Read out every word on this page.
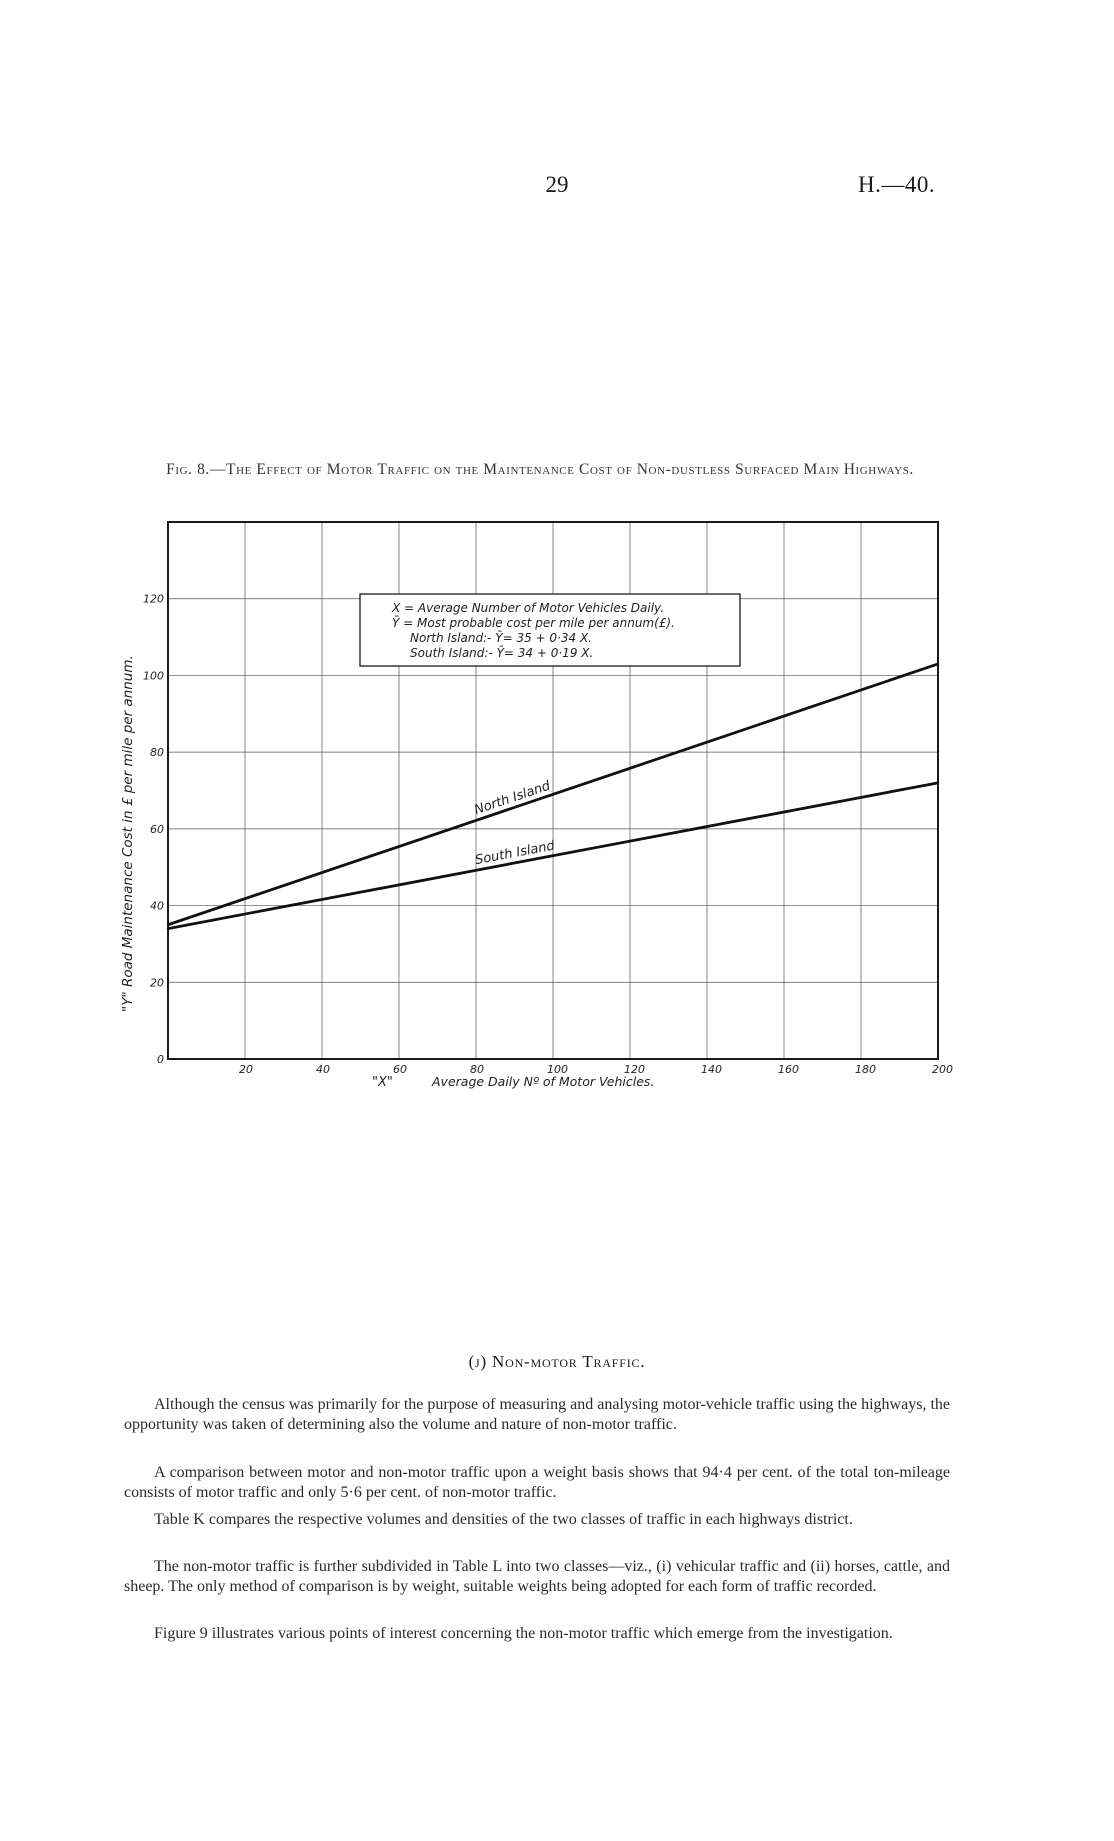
29	H.—40.
Fig. 8.—The Effect of Motor Traffic on the Maintenance Cost of Non-dustless Surfaced Main Highways.
20	40	60	80	100	120	140	160	180	200
0
20
40
60
80
100
120
North Island
South Island
X = Average Number of Motor Vehicles Daily.
Ȳ = Most probable cost per mile per annum(£).
North Island:- Ȳ= 35 + 0·34 X.
South Island:- Ȳ= 34 + 0·19 X.
"X"	Average Daily Nº of Motor Vehicles.
"Y" Road Maintenance Cost in £ per mile per annum.
(j) Non-motor Traffic.

Although the census was primarily for the purpose of measuring and analysing motor-vehicle traffic using the highways, the opportunity was taken of determining also the volume and nature of non-motor traffic.

A comparison between motor and non-motor traffic upon a weight basis shows that 94·4 per cent. of the total ton-mileage consists of motor traffic and only 5·6 per cent. of non-motor traffic.

Table K compares the respective volumes and densities of the two classes of traffic in each highways district.

The non-motor traffic is further subdivided in Table L into two classes—viz., (i) vehicular traffic and (ii) horses, cattle, and sheep. The only method of comparison is by weight, suitable weights being adopted for each form of traffic recorded.

Figure 9 illustrates various points of interest concerning the non-motor traffic which emerge from the investigation.
